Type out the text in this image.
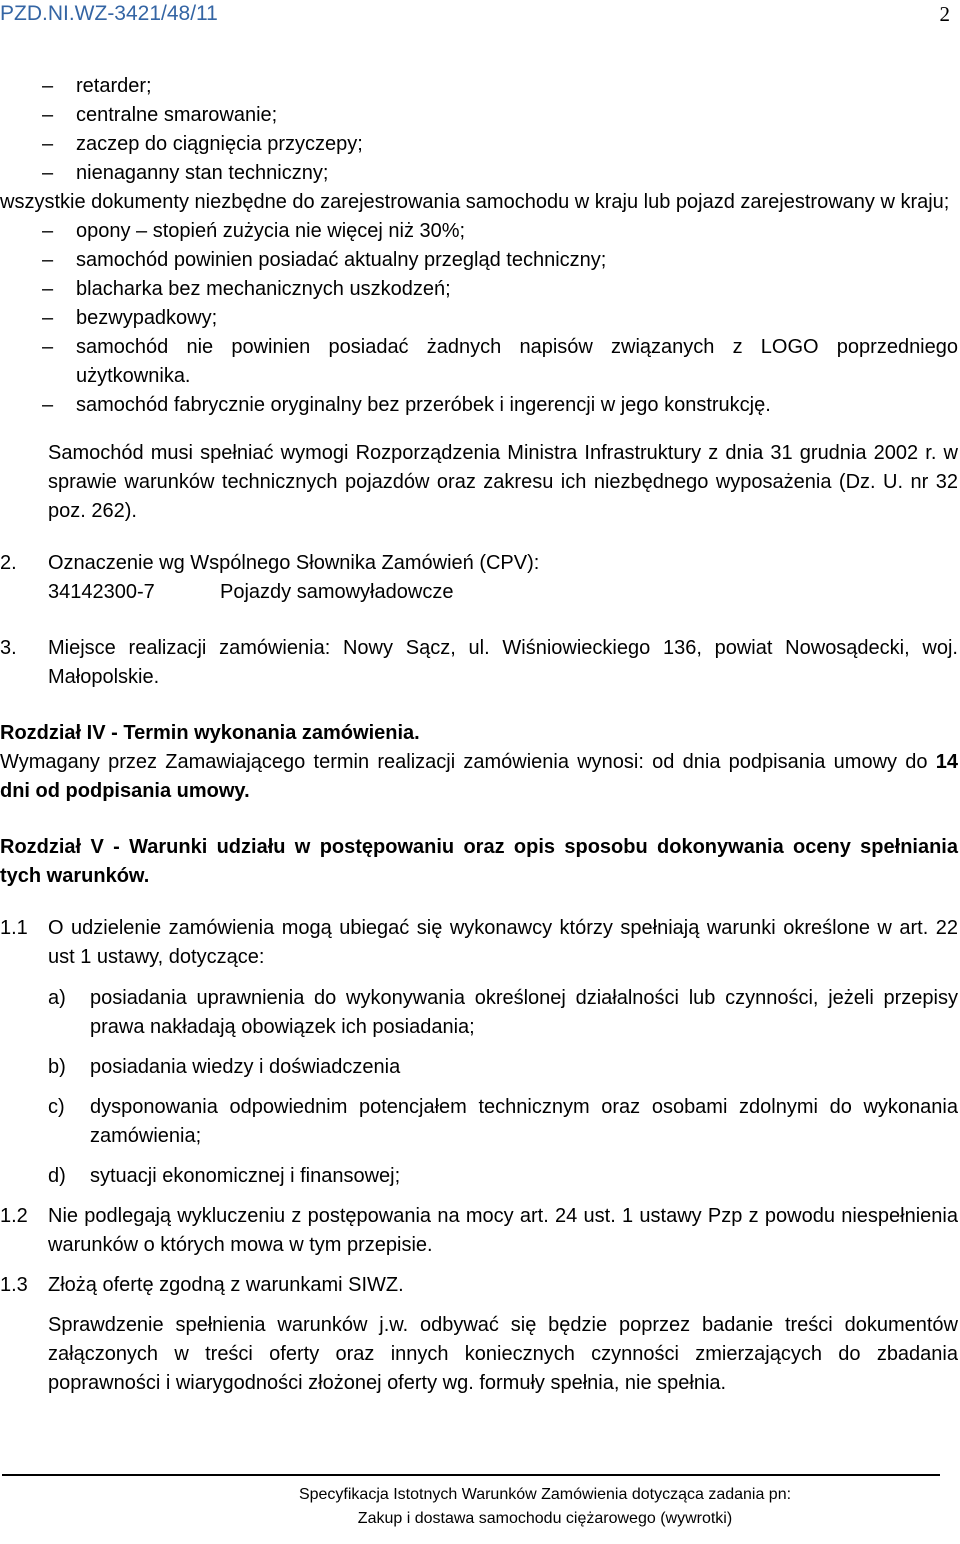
PZD.NI.WZ-3421/48/11	2
– retarder;
– centralne smarowanie;
– zaczep do ciągnięcia przyczepy;
– nienaganny stan techniczny;
wszystkie dokumenty niezbędne do zarejestrowania samochodu w kraju lub pojazd zarejestrowany w kraju;
– opony – stopień zużycia nie więcej niż 30%;
– samochód powinien posiadać aktualny przegląd techniczny;
– blacharka bez mechanicznych uszkodzeń;
– bezwypadkowy;
– samochód nie powinien posiadać żadnych napisów związanych z LOGO poprzedniego użytkownika.
– samochód fabrycznie oryginalny bez przeróbek i ingerencji w jego konstrukcję.
Samochód musi spełniać wymogi Rozporządzenia Ministra Infrastruktury z dnia 31 grudnia 2002 r. w sprawie warunków technicznych pojazdów oraz zakresu ich niezbędnego wyposażenia (Dz. U. nr 32 poz. 262).
2. Oznaczenie wg Wspólnego Słownika Zamówień (CPV):
34142300-7	Pojazdy samowyładowcze
3. Miejsce realizacji zamówienia: Nowy Sącz, ul. Wiśniowieckiego 136, powiat Nowosądecki, woj. Małopolskie.
Rozdział IV - Termin wykonania zamówienia.
Wymagany przez Zamawiającego termin realizacji zamówienia wynosi: od dnia podpisania umowy do 14 dni od podpisania umowy.
Rozdział V - Warunki udziału w postępowaniu oraz opis sposobu dokonywania oceny spełniania tych warunków.
1.1 O udzielenie zamówienia mogą ubiegać się wykonawcy którzy spełniają warunki określone w art. 22 ust 1 ustawy, dotyczące:
a) posiadania uprawnienia do wykonywania określonej działalności lub czynności, jeżeli przepisy prawa nakładają obowiązek ich posiadania;
b) posiadania wiedzy i doświadczenia
c) dysponowania odpowiednim potencjałem technicznym oraz osobami zdolnymi do wykonania zamówienia;
d) sytuacji ekonomicznej i finansowej;
1.2 Nie podlegają wykluczeniu z postępowania na mocy art. 24 ust. 1 ustawy Pzp z powodu niespełnienia warunków o których mowa w tym przepisie.
1.3 Złożą ofertę zgodną z warunkami SIWZ.
Sprawdzenie spełnienia warunków j.w. odbywać się będzie poprzez badanie treści dokumentów załączonych w treści oferty oraz innych koniecznych czynności zmierzających do zbadania poprawności i wiarygodności złożonej oferty wg. formuły spełnia, nie spełnia.
Specyfikacja Istotnych Warunków Zamówienia dotycząca zadania pn:
Zakup i dostawa samochodu ciężarowego (wywrotki)
